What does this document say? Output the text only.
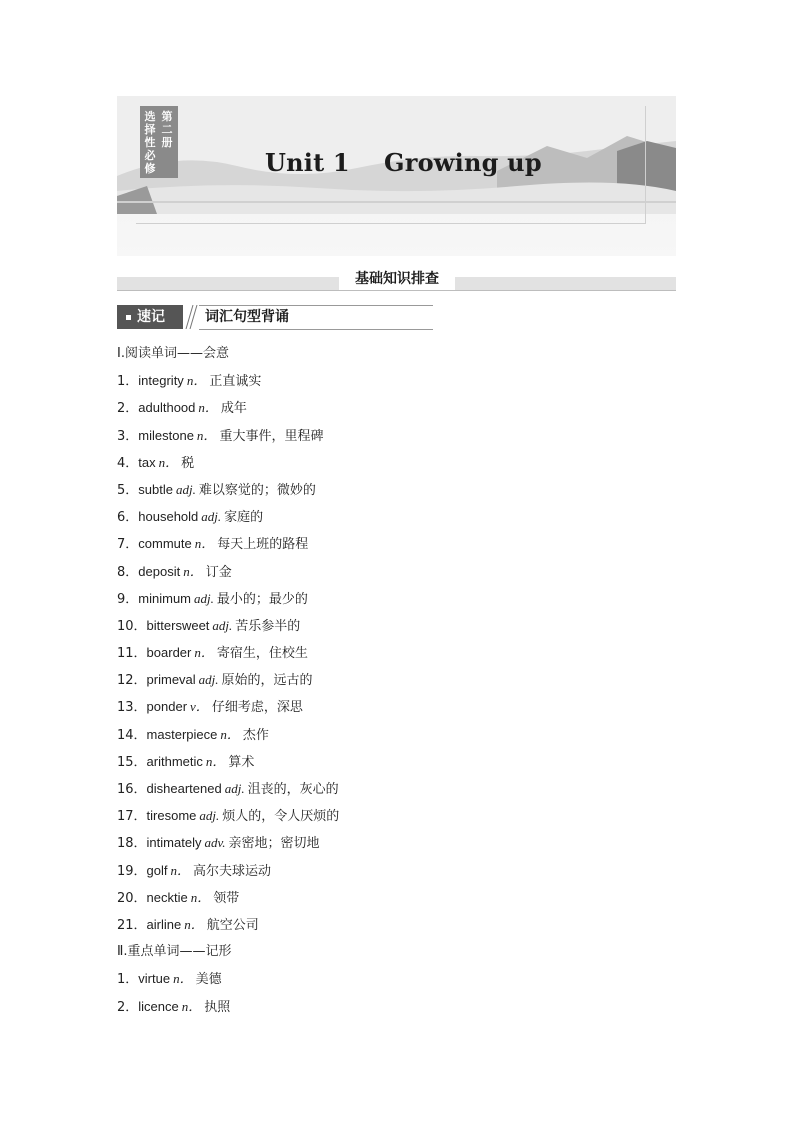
选择性必修
第二册
Unit 1    Growing up
基础知识排查
速记	词汇句型背诵
Ⅰ.阅读单词——会意
1．integrity n． 正直诚实
2．adulthood n． 成年
3．milestone n． 重大事件，里程碑
4．tax n． 税
5．subtle adj. 难以察觉的；微妙的
6．household adj. 家庭的
7．commute n． 每天上班的路程
8．deposit n． 订金
9．minimum adj. 最小的；最少的
10．bittersweet adj. 苦乐参半的
11．boarder n． 寄宿生，住校生
12．primeval adj. 原始的，远古的
13．ponder v． 仔细考虑，深思
14．masterpiece n． 杰作
15．arithmetic n． 算术
16．disheartened adj. 沮丧的，灰心的
17．tiresome adj. 烦人的，令人厌烦的
18．intimately adv. 亲密地；密切地
19．golf n． 高尔夫球运动
20．necktie n． 领带
21．airline n． 航空公司
Ⅱ.重点单词——记形
1．virtue n． 美德
2．licence n． 执照
